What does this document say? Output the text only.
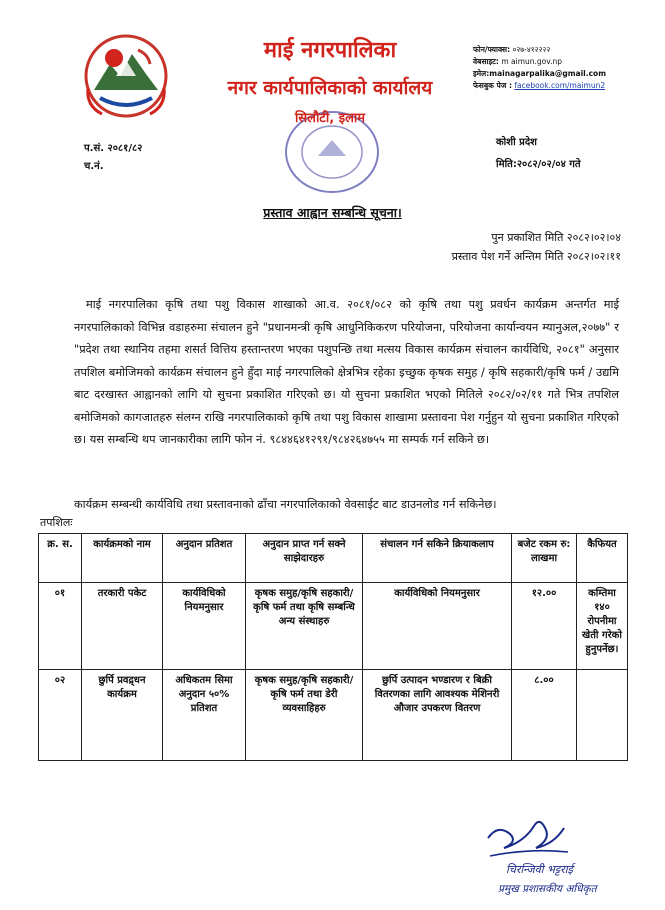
माई नगरपालिका
नगर कार्यपालिकाको कार्यालय
सिलौटी, इलाम
फोन/फ्याक्स: ०२७-४१२२२२
वेबसाइट: m aimun.gov.np
इमेल:mainagarpalika@gmail.com
फेसबुक पेज : facebook.com/maimun2
प.सं. २०८१/८२
च.नं.
कोशी प्रदेश
मिति:२०८२/०२/०४ गते
प्रस्ताव आह्वान सम्बन्धि सूचना।
पुन प्रकाशित मिति २०८२।०२।०४
प्रस्ताव पेश गर्ने अन्तिम मिति २०८२।०२।११
माई नगरपालिका कृषि तथा पशु विकास शाखाको आ.व. २०८१/०८२ को कृषि तथा पशु प्रवर्धन कार्यक्रम अन्तर्गत माई नगरपालिकाको विभिन्न वडाहरुमा संचालन हुने "प्रधानमन्त्री कृषि आधुनिकिकरण परियोजना, परियोजना कार्यान्वयन म्यानुअल,२०७७" र "प्रदेश तथा स्थानिय तहमा शसर्त वित्तिय हस्तान्तरण भएका पशुपन्छि तथा मत्सय विकास कार्यक्रम संचालन कार्यविधि, २०८१" अनुसार तपशिल बमोजिमको कार्यक्रम संचालन हुने हुँदा माई नगरपालिको क्षेत्रभित्र रहेका इच्छुक कृषक समुह / कृषि सहकारी/कृषि फर्म / उद्यमि बाट दरखास्त आह्वानको लागि यो सुचना प्रकाशित गरिएको छ। यो सुचना प्रकाशित भएको मितिले २०८२/०२/११ गते भित्र तपशिल बमोजिमको कागजातहरु संलग्न राखि नगरपालिकाको कृषि तथा पशु विकास शाखामा प्रस्तावना पेश गर्नुहुन यो सुचना प्रकाशित गरिएको छ। यस सम्बन्धि थप जानकारीका लागि फोन नं. ९८४४६४१२९१/९८४२६४७५५ मा सम्पर्क गर्न सकिने छ।
कार्यक्रम सम्बन्धी कार्यविधि तथा प्रस्तावनाको ढाँचा नगरपालिकाको वेवसाईट बाट डाउनलोड गर्न सकिनेछ।
तपशिलः
क्र. स.	कार्यक्रमको नाम	अनुदान प्रतिशत	अनुदान प्राप्त गर्न सक्ने साझेदारहरु	संचालन गर्न सकिने क्रियाकलाप	बजेट रकम रु: लाखमा	कैफियत
०१	तरकारी पकेट	कार्यविधिको नियमनुसार	कृषक समुह/कृषि सहकारी/कृषि फर्म तथा कृषि सम्बन्धि अन्य संस्थाहरु	कार्यविधिको नियमनुसार	१२.००	कम्तिमा १४० रोपनीमा खेती गरेको हुनुपर्नेछ।
०२	छुर्पि प्रवद्र्धन कार्यक्रम	अधिकतम सिमा अनुदान ५०% प्रतिशत	कृषक समुह/कृषि सहकारी/कृषि फर्म तथा डेरी व्यवसाहिहरु	छुर्पि उत्पादन भण्डारण र बिक्री वितरणका लागि आवश्यक मेशिनरी औजार उपकरण वितरण	८.००	
चिरन्जिवी भट्टराई
प्रमुख प्रशासकीय अधिकृत
